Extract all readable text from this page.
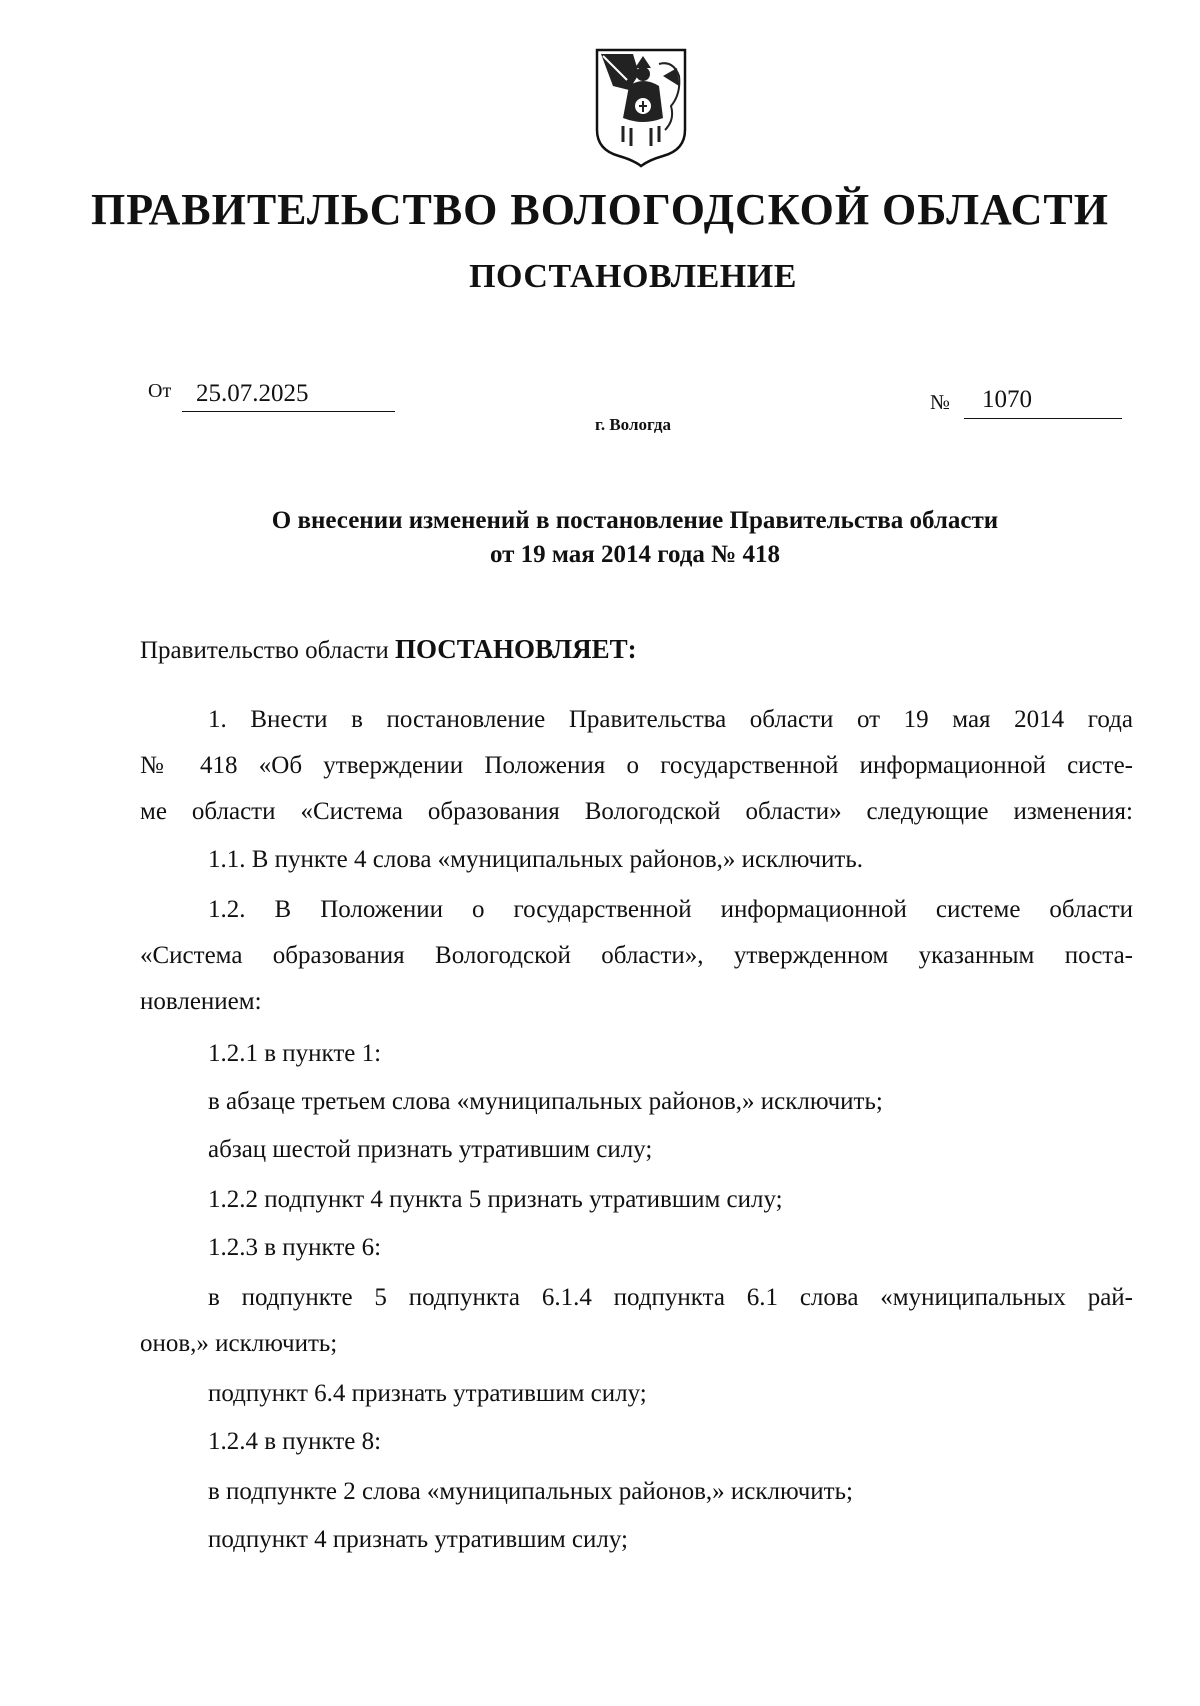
ПРАВИТЕЛЬСТВО ВОЛОГОДСКОЙ ОБЛАСТИ
ПОСТАНОВЛЕНИЕ
От 25.07.2025	№ 1070
г. Вологда
О внесении изменений в постановление Правительства области
от 19 мая 2014 года № 418
Правительство области ПОСТАНОВЛЯЕТ:
1. Внести в постановление Правительства области от 19 мая 2014 года
№ 418 «Об утверждении Положения о государственной информационной систе-
ме области «Система образования Вологодской области» следующие изменения:
1.1. В пункте 4 слова «муниципальных районов,» исключить.
1.2. В Положении о государственной информационной системе области
«Система образования Вологодской области», утвержденном указанным поста-
новлением:
1.2.1 в пункте 1:
в абзаце третьем слова «муниципальных районов,» исключить;
абзац шестой признать утратившим силу;
1.2.2 подпункт 4 пункта 5 признать утратившим силу;
1.2.3 в пункте 6:
в подпункте 5 подпункта 6.1.4 подпункта 6.1 слова «муниципальных рай-
онов,» исключить;
подпункт 6.4 признать утратившим силу;
1.2.4 в пункте 8:
в подпункте 2 слова «муниципальных районов,» исключить;
подпункт 4 признать утратившим силу;
